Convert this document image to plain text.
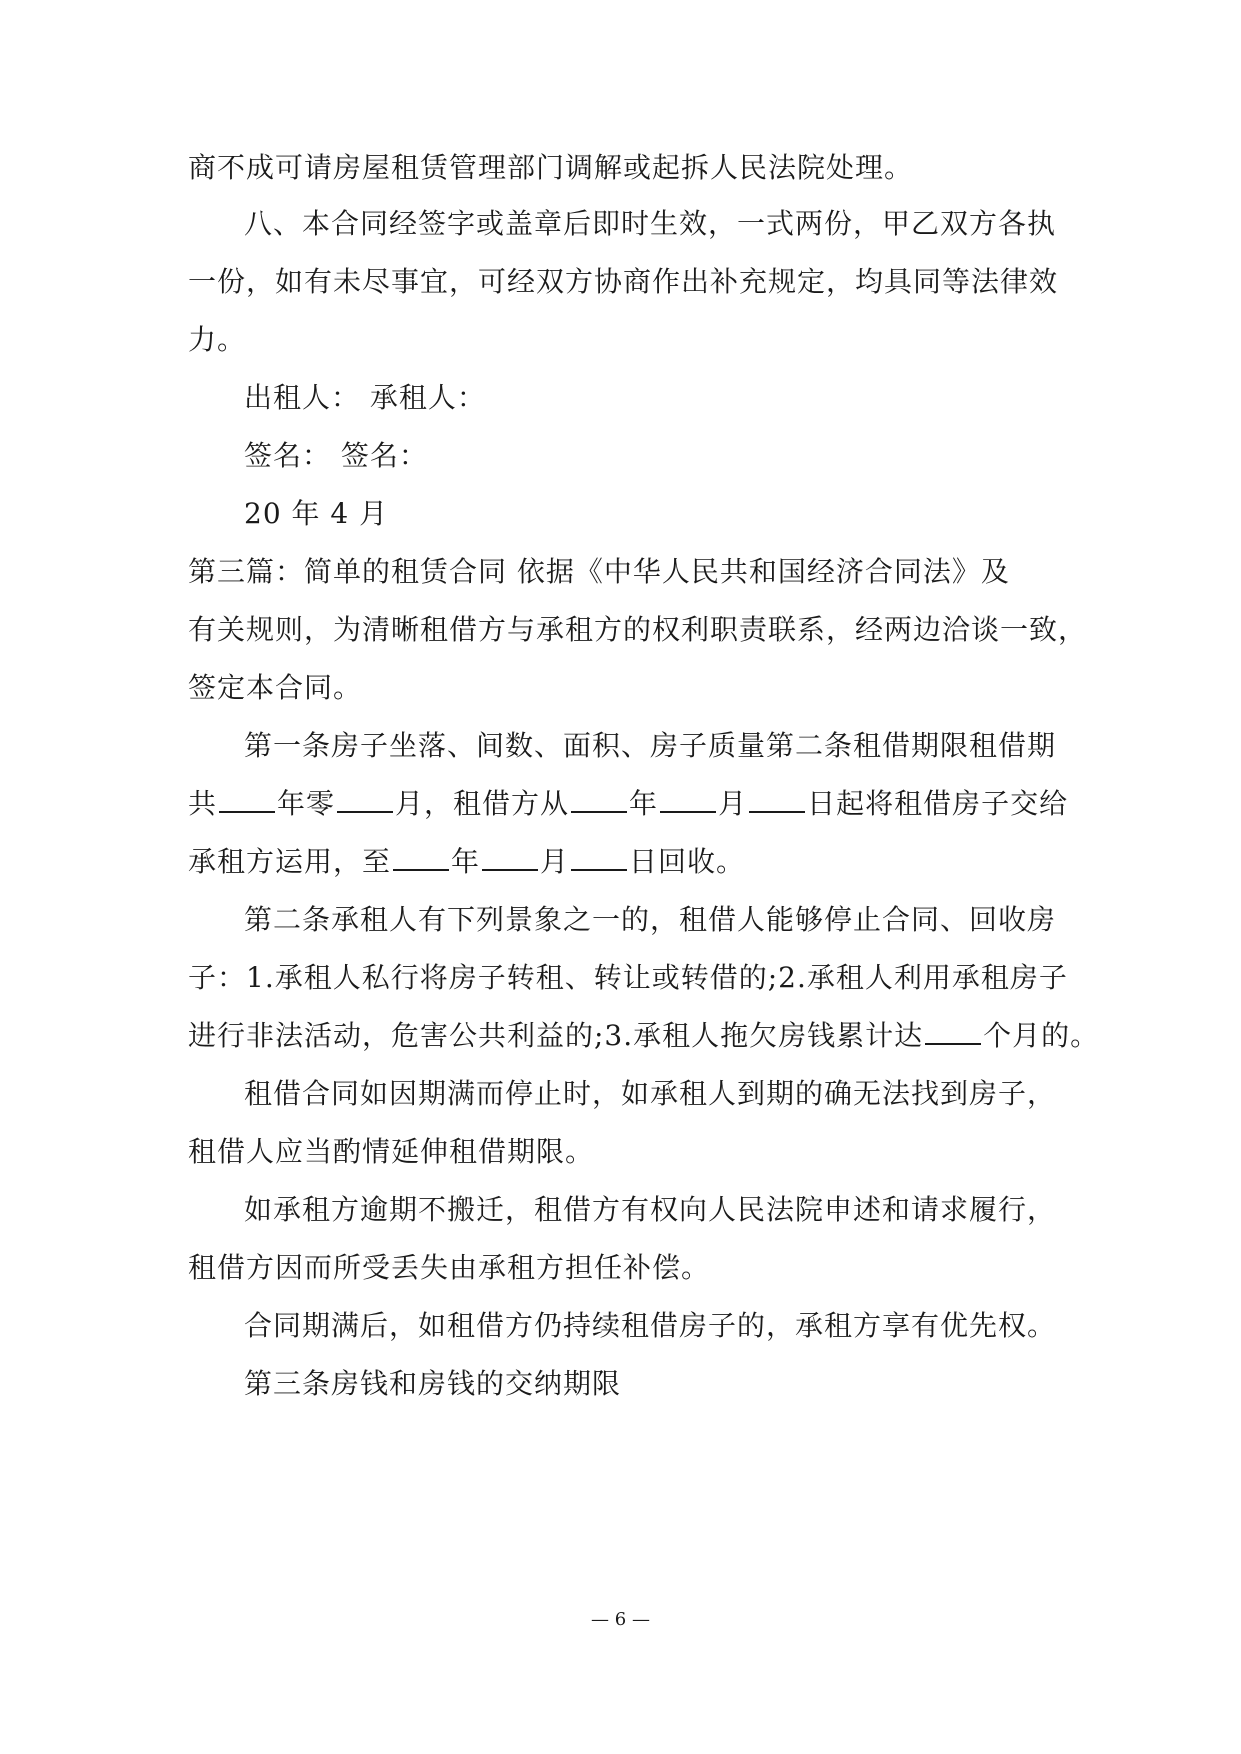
商不成可请房屋租赁管理部门调解或起拆人民法院处理。
八、本合同经签字或盖章后即时生效，一式两份，甲乙双方各执
一份，如有未尽事宜，可经双方协商作出补充规定，均具同等法律效
力。
出租人： 承租人：
签名： 签名：
20 年 4 月
第三篇：简单的租赁合同 依据《中华人民共和国经济合同法》及
有关规则，为清晰租借方与承租方的权利职责联系，经两边洽谈一致，
签定本合同。
第一条房子坐落、间数、面积、房子质量第二条租借期限租借期
共 年零 月，租借方从 年 月 日起将租借房子交给
承租方运用，至 年 月 日回收。
第二条承租人有下列景象之一的，租借人能够停止合同、回收房
子：1.承租人私行将房子转租、转让或转借的;2.承租人利用承租房子
进行非法活动，危害公共利益的;3.承租人拖欠房钱累计达 个月的。
租借合同如因期满而停止时，如承租人到期的确无法找到房子，
租借人应当酌情延伸租借期限。
如承租方逾期不搬迁，租借方有权向人民法院申述和请求履行，
租借方因而所受丢失由承租方担任补偿。
合同期满后，如租借方仍持续租借房子的，承租方享有优先权。
第三条房钱和房钱的交纳期限
— 6 —
